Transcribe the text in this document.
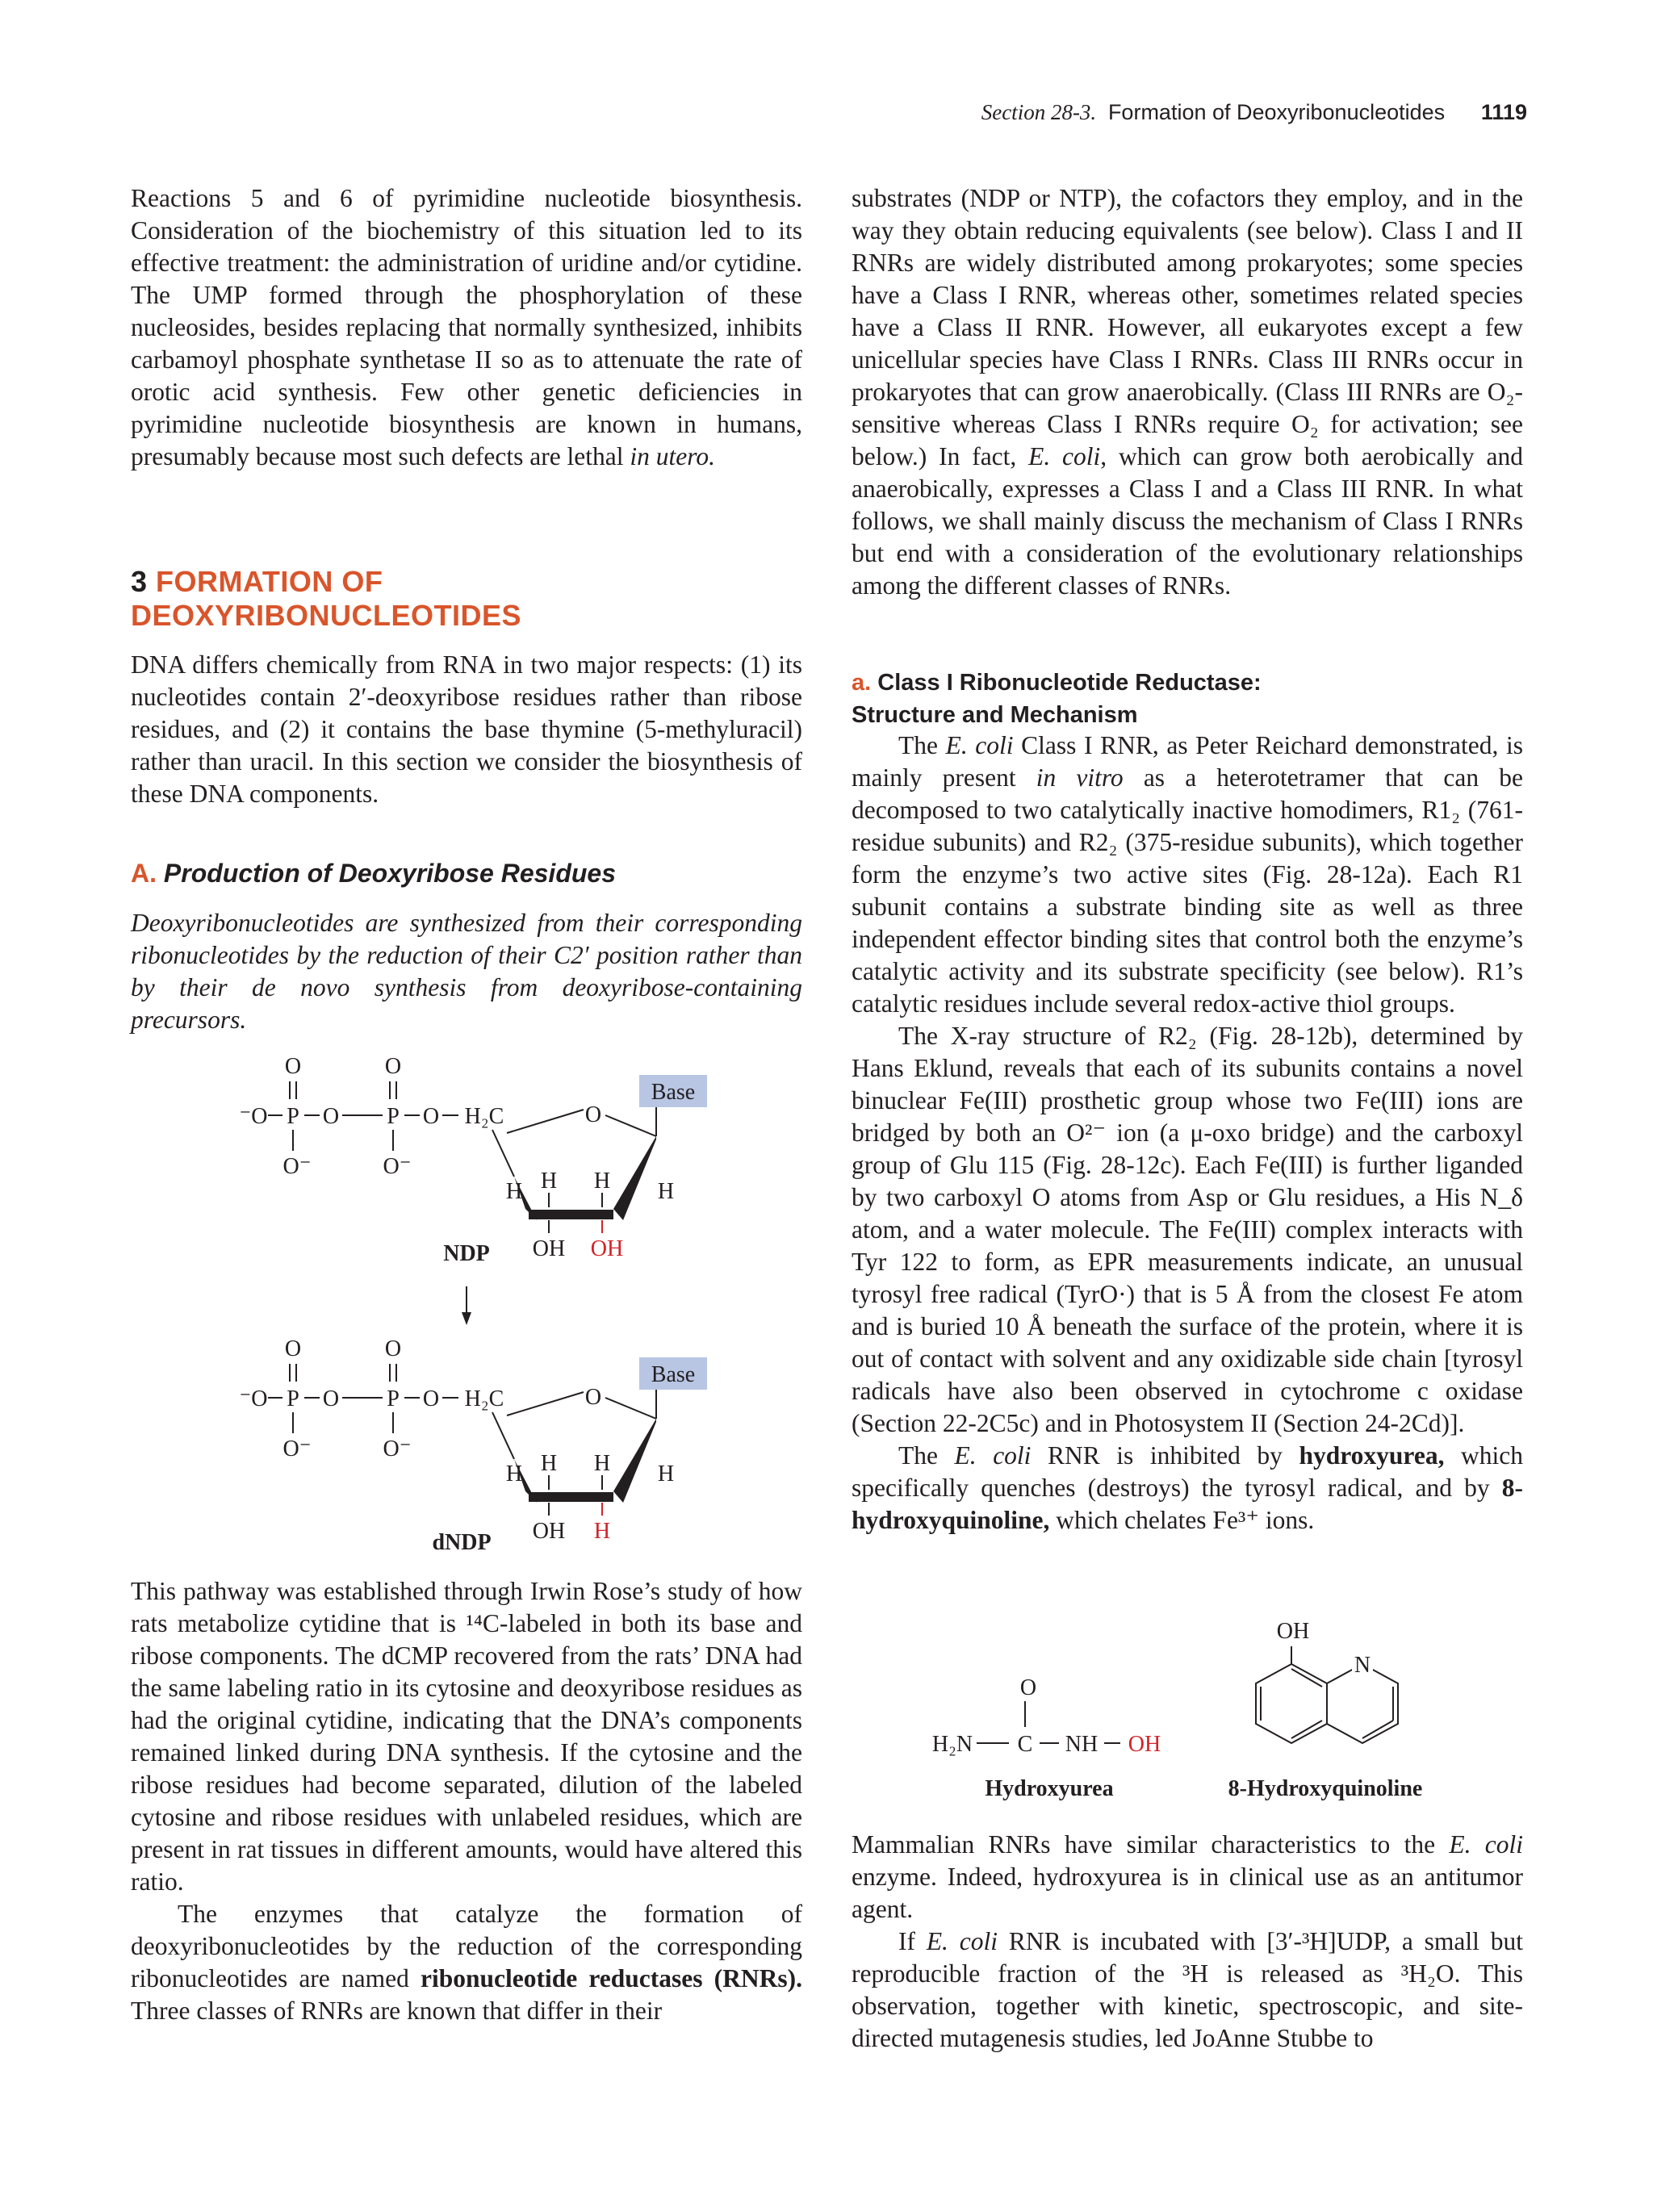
Section 28-3. Formation of Deoxyribonucleotides 1119

Reactions 5 and 6 of pyrimidine nucleotide biosynthesis. Consideration of the biochemistry of this situation led to its effective treatment: the administration of uridine and/or cytidine. The UMP formed through the phosphorylation of these nucleosides, besides replacing that normally synthesized, inhibits carbamoyl phosphate synthetase II so as to attenuate the rate of orotic acid synthesis. Few other genetic deficiencies in pyrimidine nucleotide biosynthesis are known in humans, presumably because most such defects are lethal in utero.

3 FORMATION OF
DEOXYRIBONUCLEOTIDES

DNA differs chemically from RNA in two major respects: (1) its nucleotides contain 2′-deoxyribose residues rather than ribose residues, and (2) it contains the base thymine (5-methyluracil) rather than uracil. In this section we consider the biosynthesis of these DNA components.

A. Production of Deoxyribose Residues

Deoxyribonucleotides are synthesized from their corresponding ribonucleotides by the reduction of their C2′ position rather than by their de novo synthesis from deoxyribose-containing precursors.

O	O
⁻O P O P O H₂C
O⁻	O⁻
O
Base
H H H H
OH OH
NDP
O	O
⁻O P O P O H₂C
O⁻	O⁻
O
Base
H H H H
OH H
dNDP

This pathway was established through Irwin Rose’s study of how rats metabolize cytidine that is ¹⁴C-labeled in both its base and ribose components. The dCMP recovered from the rats’ DNA had the same labeling ratio in its cytosine and deoxyribose residues as had the original cytidine, indicating that the DNA’s components remained linked during DNA synthesis. If the cytosine and the ribose residues had become separated, dilution of the labeled cytosine and ribose residues with unlabeled residues, which are present in rat tissues in different amounts, would have altered this ratio.

The enzymes that catalyze the formation of deoxyribonucleotides by the reduction of the corresponding ribonucleotides are named ribonucleotide reductases (RNRs). Three classes of RNRs are known that differ in their

substrates (NDP or NTP), the cofactors they employ, and in the way they obtain reducing equivalents (see below). Class I and II RNRs are widely distributed among prokaryotes; some species have a Class I RNR, whereas other, sometimes related species have a Class II RNR. However, all eukaryotes except a few unicellular species have Class I RNRs. Class III RNRs occur in prokaryotes that can grow anaerobically. (Class III RNRs are O₂-sensitive whereas Class I RNRs require O₂ for activation; see below.) In fact, E. coli, which can grow both aerobically and anaerobically, expresses a Class I and a Class III RNR. In what follows, we shall mainly discuss the mechanism of Class I RNRs but end with a consideration of the evolutionary relationships among the different classes of RNRs.

a. Class I Ribonucleotide Reductase:
Structure and Mechanism

The E. coli Class I RNR, as Peter Reichard demonstrated, is mainly present in vitro as a heterotetramer that can be decomposed to two catalytically inactive homodimers, R1₂ (761-residue subunits) and R2₂ (375-residue subunits), which together form the enzyme’s two active sites (Fig. 28-12a). Each R1 subunit contains a substrate binding site as well as three independent effector binding sites that control both the enzyme’s catalytic activity and its substrate specificity (see below). R1’s catalytic residues include several redox-active thiol groups.

The X-ray structure of R2₂ (Fig. 28-12b), determined by Hans Eklund, reveals that each of its subunits contains a novel binuclear Fe(III) prosthetic group whose two Fe(III) ions are bridged by both an O²⁻ ion (a μ-oxo bridge) and the carboxyl group of Glu 115 (Fig. 28-12c). Each Fe(III) is further liganded by two carboxyl O atoms from Asp or Glu residues, a His N_δ atom, and a water molecule. The Fe(III) complex interacts with Tyr 122 to form, as EPR measurements indicate, an unusual tyrosyl free radical (TyrO·) that is 5 Å from the closest Fe atom and is buried 10 Å beneath the surface of the protein, where it is out of contact with solvent and any oxidizable side chain [tyrosyl radicals have also been observed in cytochrome c oxidase (Section 22-2C5c) and in Photosystem II (Section 24-2Cd)].

The E. coli RNR is inhibited by hydroxyurea, which specifically quenches (destroys) the tyrosyl radical, and by 8-hydroxyquinoline, which chelates Fe³⁺ ions.

O
H₂N C NH OH
Hydroxyurea
N
OH
8-Hydroxyquinoline

Mammalian RNRs have similar characteristics to the E. coli enzyme. Indeed, hydroxyurea is in clinical use as an antitumor agent.

If E. coli RNR is incubated with [3′-³H]UDP, a small but reproducible fraction of the ³H is released as ³H₂O. This observation, together with kinetic, spectroscopic, and site-directed mutagenesis studies, led JoAnne Stubbe to
